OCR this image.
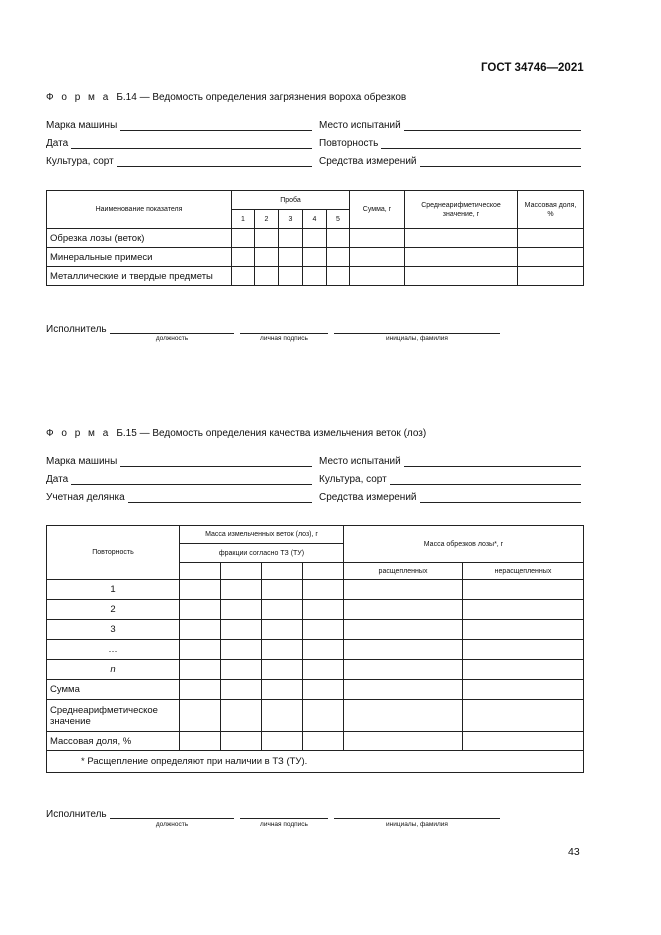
ГОСТ 34746—2021
Ф о р м а Б.14 — Ведомость определения загрязнения вороха обрезков
Марка машины	Место испытаний
Дата	Повторность
Культура, сорт	Средства измерений
Наименование показателя	Проба					Сумма, г	Среднеарифметическое значение, г	Массовая доля, %
	1	2	3	4	5			
Обрезка лозы (веток)								
Минеральные примеси								
Металлические и твердые предметы								
Исполнитель
должность	личная подпись	инициалы, фамилия
Ф о р м а Б.15 — Ведомость определения качества измельчения веток (лоз)
Марка машины	Место испытаний
Дата	Культура, сорт
Учетная делянка	Средства измерений
Повторность	Масса измельченных веток (лоз), г				Масса обрезков лозы*, г	
	фракции согласно ТЗ (ТУ)					
					расщепленных	нерасщепленных
1						
2						
3						
…						
n						
Сумма						
Среднеарифметическое значение						
Массовая доля, %						
* Расщепление определяют при наличии в ТЗ (ТУ).						
Исполнитель
должность	личная подпись	инициалы, фамилия
43
